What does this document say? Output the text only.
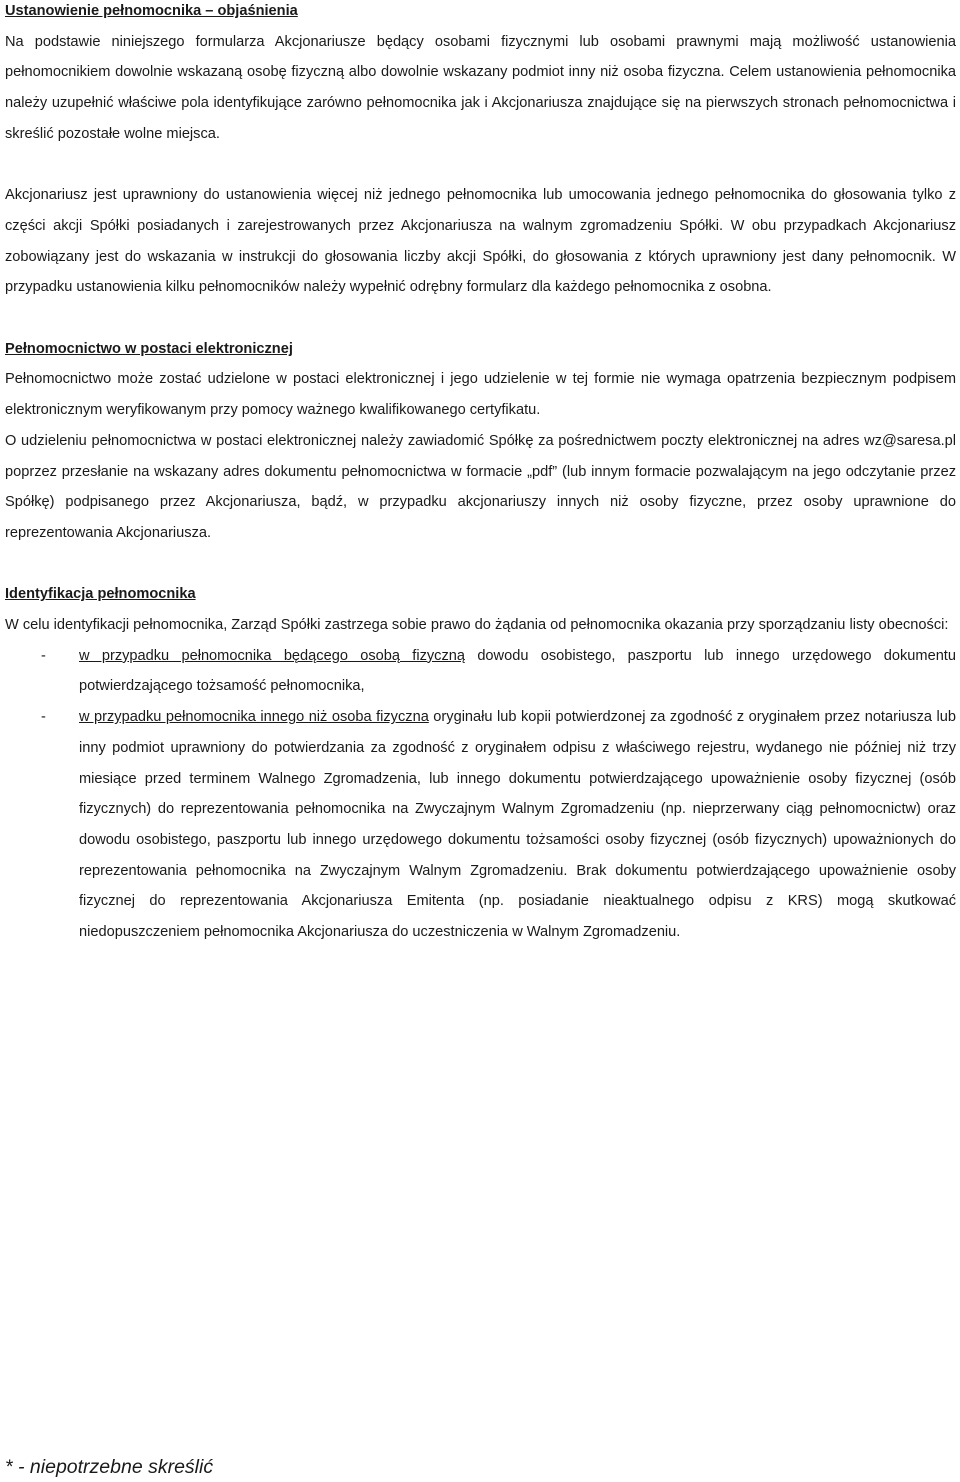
Ustanowienie pełnomocnika – objaśnienia

Na podstawie niniejszego formularza Akcjonariusze będący osobami fizycznymi lub osobami prawnymi mają możliwość ustanowienia pełnomocnikiem dowolnie wskazaną osobę fizyczną albo dowolnie wskazany podmiot inny niż osoba fizyczna. Celem ustanowienia pełnomocnika należy uzupełnić właściwe pola identyfikujące zarówno pełnomocnika jak i Akcjonariusza znajdujące się na pierwszych stronach pełnomocnictwa i skreślić pozostałe wolne miejsca.

Akcjonariusz jest uprawniony do ustanowienia więcej niż jednego pełnomocnika lub umocowania jednego pełnomocnika do głosowania tylko z części akcji Spółki posiadanych i zarejestrowanych przez Akcjonariusza na walnym zgromadzeniu Spółki. W obu przypadkach Akcjonariusz zobowiązany jest do wskazania w instrukcji do głosowania liczby akcji Spółki, do głosowania z których uprawniony jest dany pełnomocnik. W przypadku ustanowienia kilku pełnomocników należy wypełnić odrębny formularz dla każdego pełnomocnika z osobna.

Pełnomocnictwo w postaci elektronicznej

Pełnomocnictwo może zostać udzielone w postaci elektronicznej i jego udzielenie w tej formie nie wymaga opatrzenia bezpiecznym podpisem elektronicznym weryfikowanym przy pomocy ważnego kwalifikowanego certyfikatu.

O udzieleniu pełnomocnictwa w postaci elektronicznej należy zawiadomić Spółkę za pośrednictwem poczty elektronicznej na adres wz@saresa.pl poprzez przesłanie na wskazany adres dokumentu pełnomocnictwa w formacie „pdf” (lub innym formacie pozwalającym na jego odczytanie przez Spółkę) podpisanego przez Akcjonariusza, bądź, w przypadku akcjonariuszy innych niż osoby fizyczne, przez osoby uprawnione do reprezentowania Akcjonariusza.

Identyfikacja pełnomocnika

W celu identyfikacji pełnomocnika, Zarząd Spółki zastrzega sobie prawo do żądania od pełnomocnika okazania przy sporządzaniu listy obecności:

- w przypadku pełnomocnika będącego osobą fizyczną dowodu osobistego, paszportu lub innego urzędowego dokumentu potwierdzającego tożsamość pełnomocnika,
- w przypadku pełnomocnika innego niż osoba fizyczna oryginału lub kopii potwierdzonej za zgodność z oryginałem przez notariusza lub inny podmiot uprawniony do potwierdzania za zgodność z oryginałem odpisu z właściwego rejestru, wydanego nie później niż trzy miesiące przed terminem Walnego Zgromadzenia, lub innego dokumentu potwierdzającego upoważnienie osoby fizycznej (osób fizycznych) do reprezentowania pełnomocnika na Zwyczajnym Walnym Zgromadzeniu (np. nieprzerwany ciąg pełnomocnictw) oraz dowodu osobistego, paszportu lub innego urzędowego dokumentu tożsamości osoby fizycznej (osób fizycznych) upoważnionych do reprezentowania pełnomocnika na Zwyczajnym Walnym Zgromadzeniu. Brak dokumentu potwierdzającego upoważnienie osoby fizycznej do reprezentowania Akcjonariusza Emitenta (np. posiadanie nieaktualnego odpisu z KRS) mogą skutkować niedopuszczeniem pełnomocnika Akcjonariusza do uczestniczenia w Walnym Zgromadzeniu.
* - niepotrzebne skreślić
